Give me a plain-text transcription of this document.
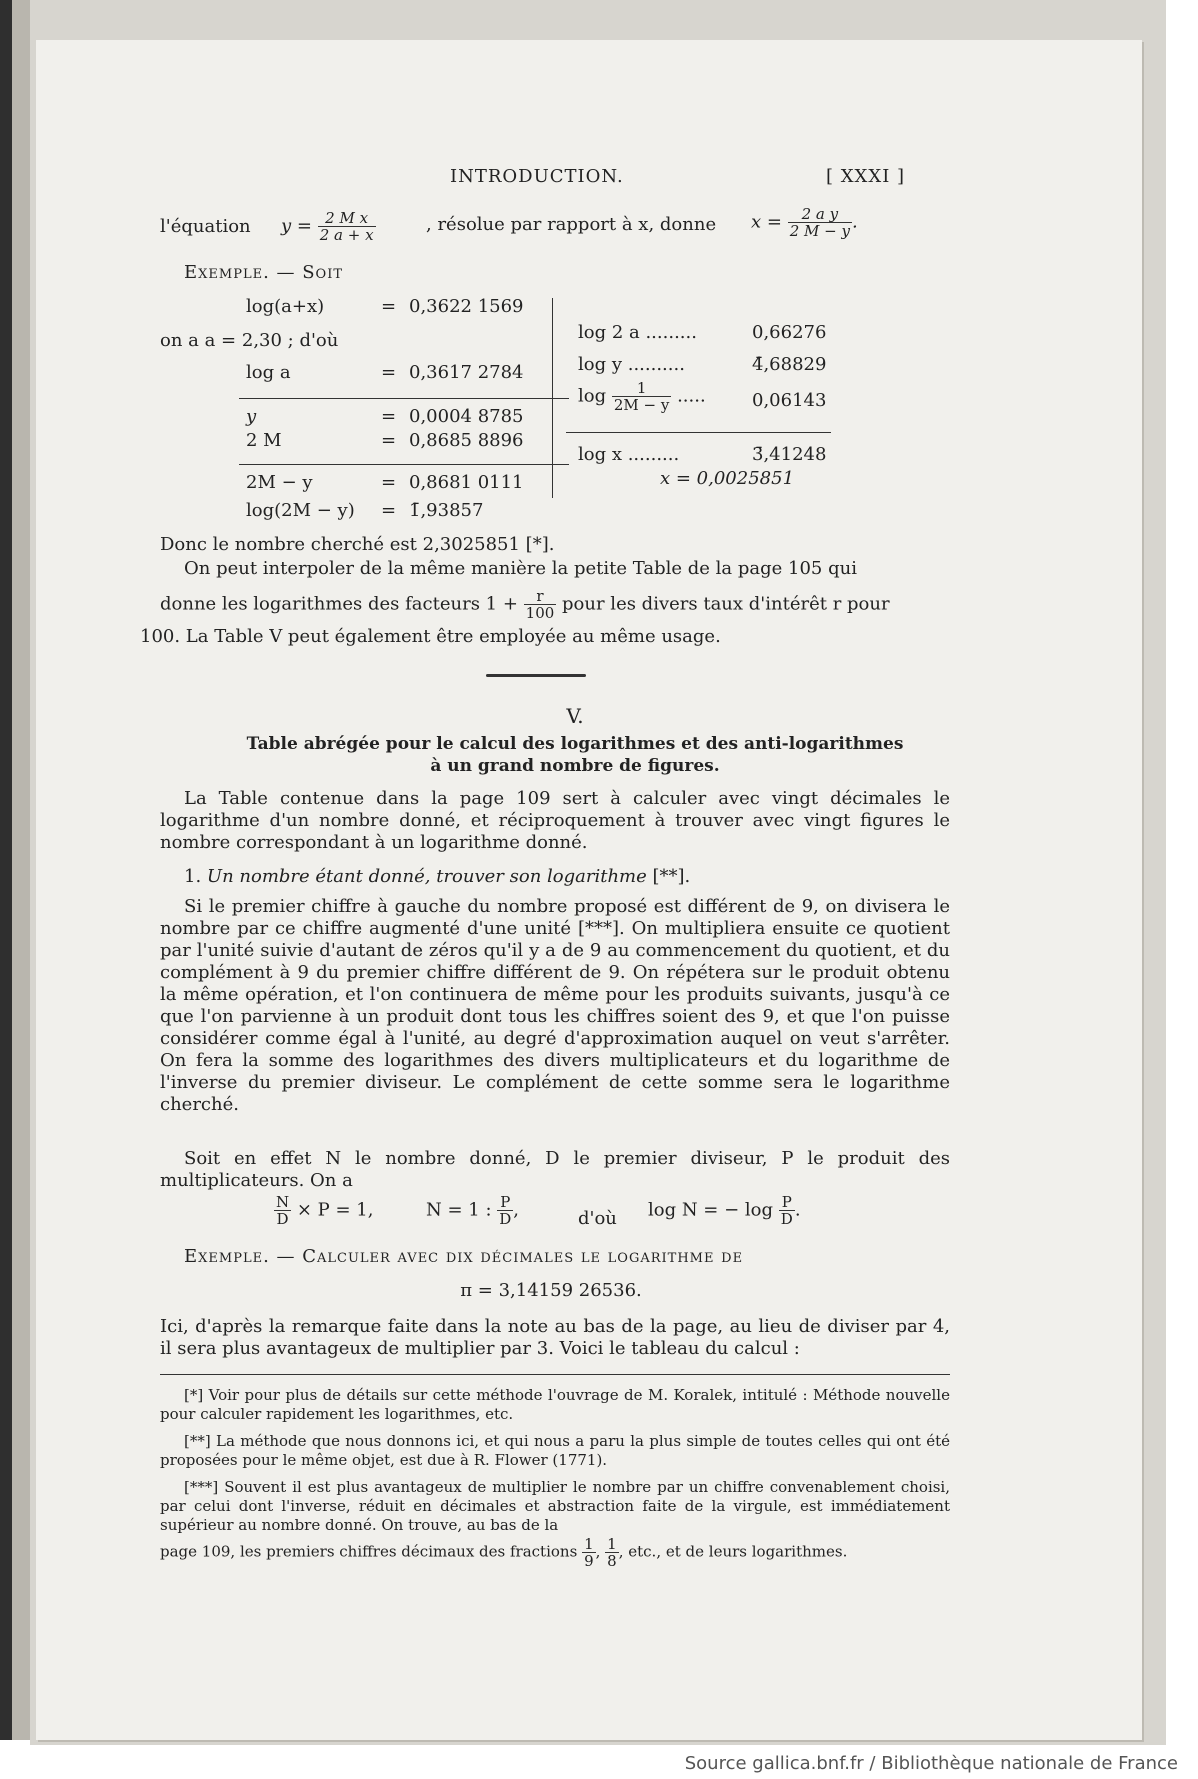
INTRODUCTION.	[ XXXI ]
l'équation $y = \frac{\text{2 M x}}{2 a + x}$	, résolue par rapport à x, donne $x = \frac{\text{2 a y}}{2 M - y}$ .
Exemple. — Soit
log(a+x)	= 0,3622 1569
on a a = 2,30 ; d'où
log a	= 0,3617 2784
y	= 0,0004 8785
2 M	= 0,8685 8896
2M − y	= 0,8681 0111
log(2M − y) = 1̄,93857
log 2 a .........	0,66276
log y ..........	4̄,68829
$\log \frac{1}{2M - y}$ .....	0,06143
log x .........	3̄,41248
x = 0,0025851
Donc le nombre cherché est 2,3025851 [*].
On peut interpoler de la même manière la petite Table de la page 105 qui
donne les logarithmes des facteurs $1 + \frac{r}{100}$ pour les divers taux d'intérêt r pour
100. La Table V peut également être employée au même usage.
V.
Table abrégée pour le calcul des logarithmes et des anti-logarithmes
à un grand nombre de figures.
La Table contenue dans la page 109 sert à calculer avec vingt décimales le logarithme d'un nombre donné, et réciproquement à trouver avec vingt figures le nombre correspondant à un logarithme donné.
1. Un nombre étant donné, trouver son logarithme [**].
Si le premier chiffre à gauche du nombre proposé est différent de 9, on divisera le nombre par ce chiffre augmenté d'une unité [***]. On multipliera ensuite ce quotient par l'unité suivie d'autant de zéros qu'il y a de 9 au commencement du quotient, et du complément à 9 du premier chiffre différent de 9. On répétera sur le produit obtenu la même opération, et l'on continuera de même pour les produits suivants, jusqu'à ce que l'on parvienne à un produit dont tous les chiffres soient des 9, et que l'on puisse considérer comme égal à l'unité, au degré d'approximation auquel on veut s'arrêter. On fera la somme des logarithmes des divers multiplicateurs et du logarithme de l'inverse du premier diviseur. Le complément de cette somme sera le logarithme cherché.
Soit en effet N le nombre donné, D le premier diviseur, P le produit des multiplicateurs. On a
$\frac{N}{D} \times P = 1$,	N = 1 : $\frac{P}{D}$ ,	d'où log N = − $\log \frac{P}{D}$ .
Exemple. — Calculer avec dix décimales le logarithme de
π = 3,14159 26536.
Ici, d'après la remarque faite dans la note au bas de la page, au lieu de diviser par 4, il sera plus avantageux de multiplier par 3. Voici le tableau du calcul :
[*] Voir pour plus de détails sur cette méthode l'ouvrage de M. Koralek, intitulé : Méthode nouvelle pour calculer rapidement les logarithmes, etc.
[**] La méthode que nous donnons ici, et qui nous a paru la plus simple de toutes celles qui ont été proposées pour le même objet, est due à R. Flower (1771).
[***] Souvent il est plus avantageux de multiplier le nombre par un chiffre convenablement choisi, par celui dont l'inverse, réduit en décimales et abstraction faite de la virgule, est immédiatement supérieur au nombre donné. On trouve, au bas de la
page 109, les premiers chiffres décimaux des fractions $\frac{1}{9}$ , $\frac{1}{8}$ , etc., et de leurs logarithmes.
Source gallica.bnf.fr / Bibliothèque nationale de France
